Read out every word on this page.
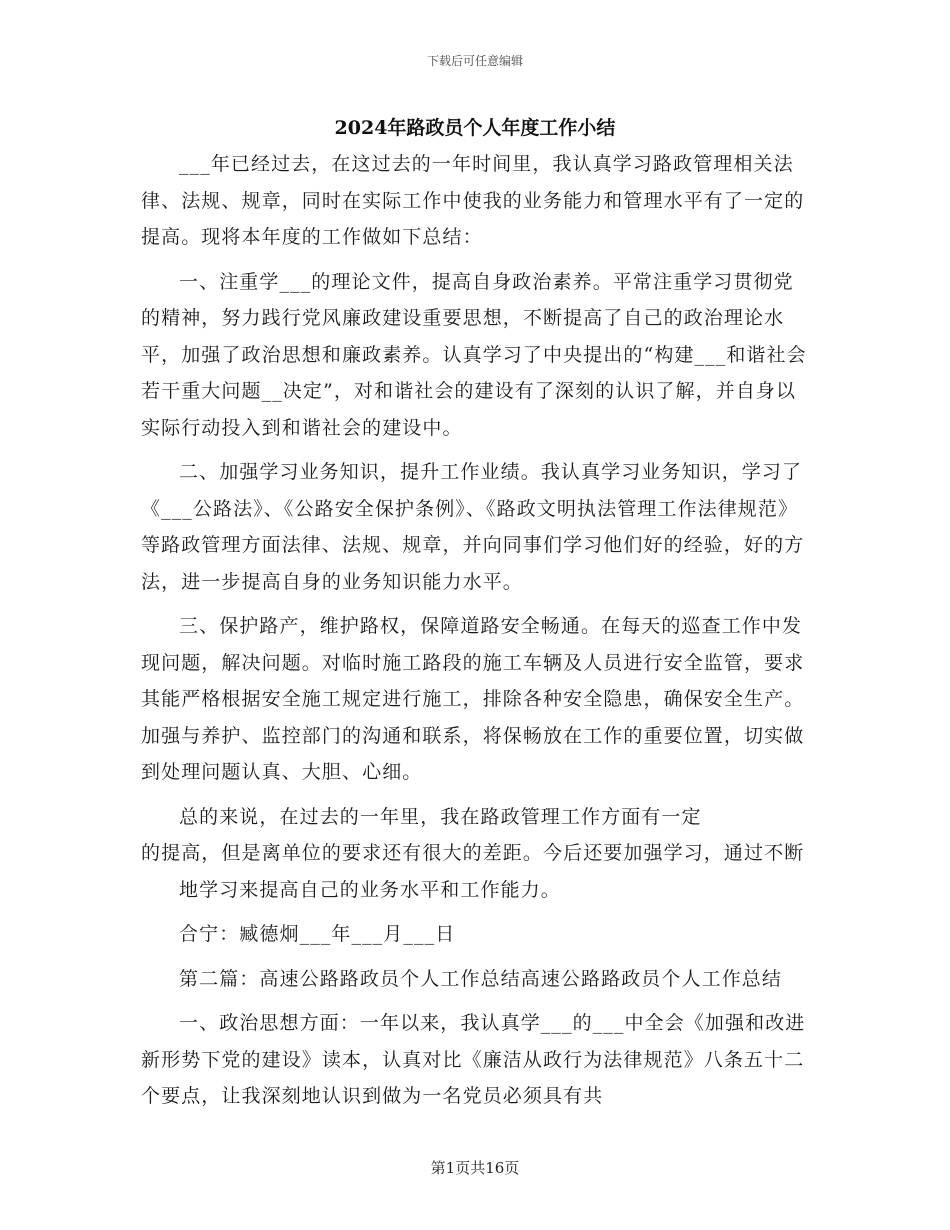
下载后可任意编辑
2024年路政员个人年度工作小结

___年已经过去，在这过去的一年时间里，我认真学习路政管理相关法律、法规、规章，同时在实际工作中使我的业务能力和管理水平有了一定的提高。现将本年度的工作做如下总结：

一、注重学___的理论文件，提高自身政治素养。平常注重学习贯彻党的精神，努力践行党风廉政建设重要思想，不断提高了自己的政治理论水平，加强了政治思想和廉政素养。认真学习了中央提出的“构建___和谐社会若干重大问题__决定”，对和谐社会的建设有了深刻的认识了解，并自身以实际行动投入到和谐社会的建设中。

二、加强学习业务知识，提升工作业绩。我认真学习业务知识，学习了《___公路法》、《公路安全保护条例》、《路政文明执法管理工作法律规范》等路政管理方面法律、法规、规章，并向同事们学习他们好的经验，好的方法，进一步提高自身的业务知识能力水平。

三、保护路产，维护路权，保障道路安全畅通。在每天的巡查工作中发现问题，解决问题。对临时施工路段的施工车辆及人员进行安全监管，要求其能严格根据安全施工规定进行施工，排除各种安全隐患，确保安全生产。加强与养护、监控部门的沟通和联系，将保畅放在工作的重要位置，切实做到处理问题认真、大胆、心细。

总的来说，在过去的一年里，我在路政管理工作方面有一定

的提高，但是离单位的要求还有很大的差距。今后还要加强学习，通过不断地学习来提高自己的业务水平和工作能力。

合宁：臧德炯___年___月___日

第二篇：高速公路路政员个人工作总结高速公路路政员个人工作总结

一、政治思想方面：一年以来，我认真学___的___中全会《加强和改进新形势下党的建设》读本，认真对比《廉洁从政行为法律规范》八条五十二个要点，让我深刻地认识到做为一名党员必须具有共

第1页共16页
